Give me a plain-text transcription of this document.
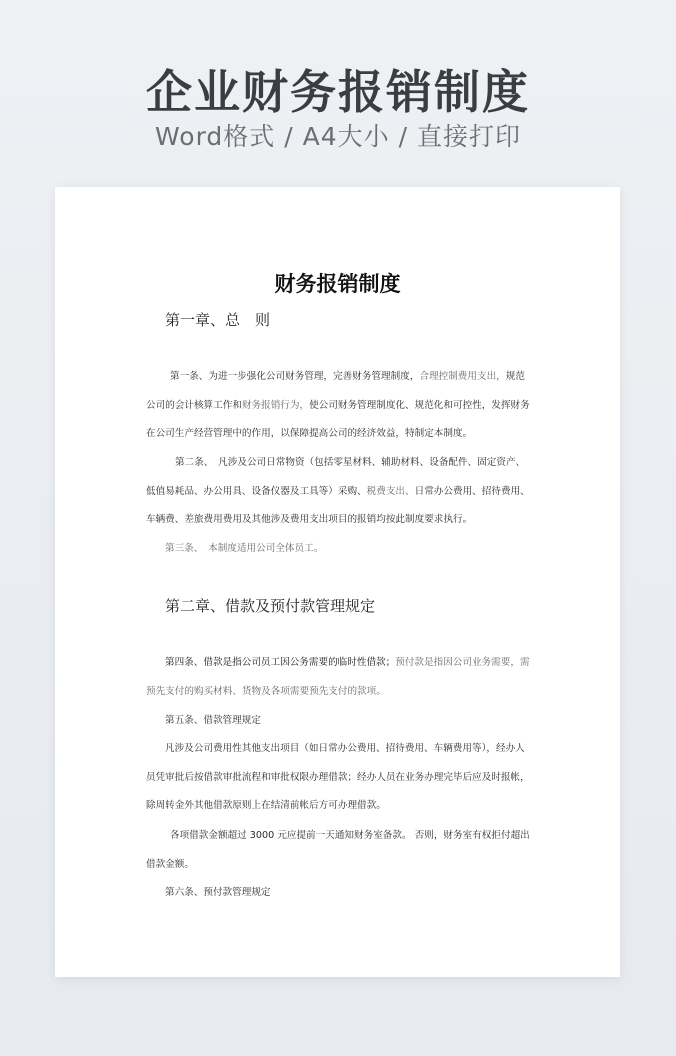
企业财务报销制度
Word格式 / A4大小 / 直接打印
财务报销制度
第一章、总　则
第一条、为进一步强化公司财务管理，完善财务管理制度，合理控制费用支出，规范公司的会计核算工作和财务报销行为，使公司财务管理制度化、规范化和可控性，发挥财务在公司生产经营管理中的作用，以保障提高公司的经济效益，特制定本制度。
第二条、　凡涉及公司日常物资（包括零星材料、辅助材料、设备配件、固定资产、低值易耗品、办公用具、设备仪器及工具等）采购、税费支出、日常办公费用、招待费用、车辆费、差旅费用费用及其他涉及费用支出项目的报销均按此制度要求执行。
第三条、　本制度适用公司全体员工。
第二章、借款及预付款管理规定
第四条、借款是指公司员工因公务需要的临时性借款；预付款是指因公司业务需要，需预先支付的购买材料、货物及各项需要预先支付的款项。
第五条、借款管理规定
凡涉及公司费用性其他支出项目（如日常办公费用、招待费用、车辆费用等），经办人员凭审批后按借款审批流程和审批权限办理借款；经办人员在业务办理完毕后应及时报帐，除周转金外其他借款原则上在结清前帐后方可办理借款。
各项借款金额超过 3000 元应提前一天通知财务室备款。 否则，财务室有权拒付超出借款金额。
第六条、预付款管理规定
